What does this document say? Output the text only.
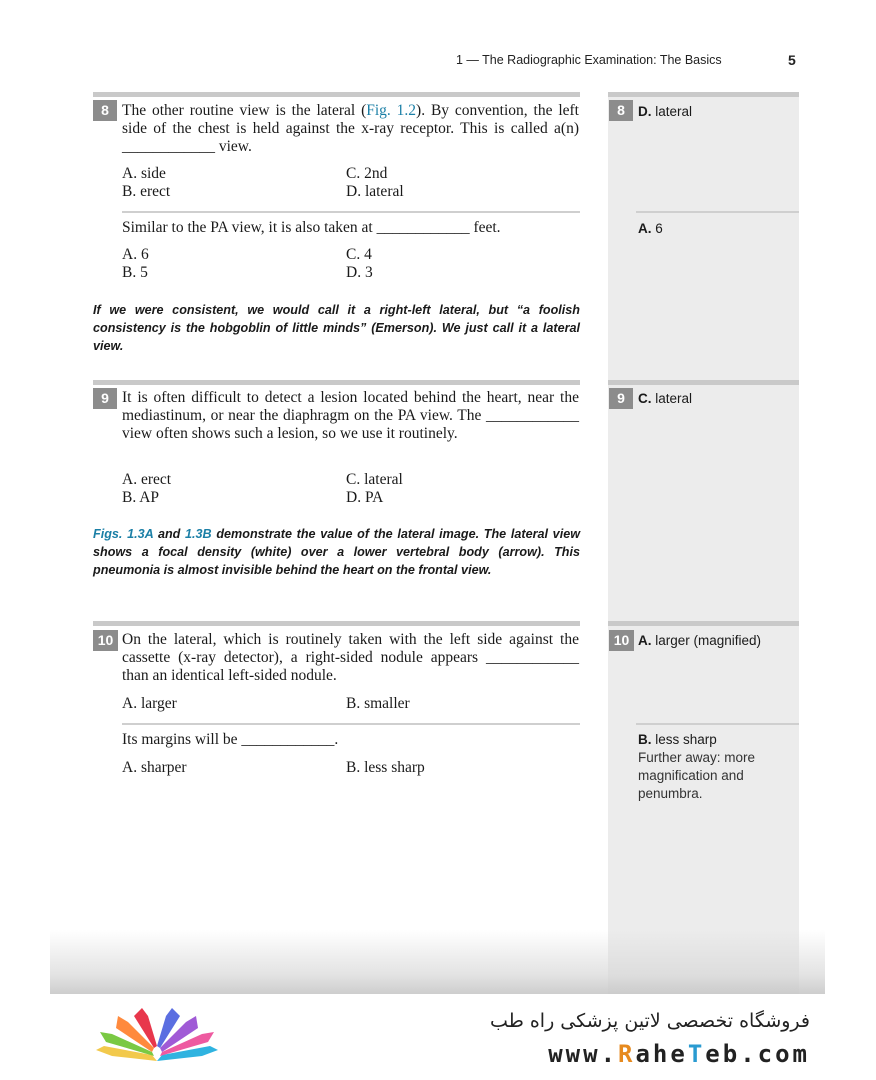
1 — The Radiographic Examination: The Basics	5
8 The other routine view is the lateral (Fig. 1.2). By convention, the left side of the chest is held against the x-ray receptor. This is called a(n) ____________ view.
A. side
B. erect
C. 2nd
D. lateral
8 D. lateral
Similar to the PA view, it is also taken at ____________ feet.
A. 6
B. 5
C. 4
D. 3
A. 6
If we were consistent, we would call it a right-left lateral, but “a foolish consistency is the hobgoblin of little minds” (Emerson). We just call it a lateral view.
9 It is often difficult to detect a lesion located behind the heart, near the mediastinum, or near the diaphragm on the PA view. The ____________ view often shows such a lesion, so we use it routinely.
A. erect
B. AP
C. lateral
D. PA
9 C. lateral
Figs. 1.3A and 1.3B demonstrate the value of the lateral image. The lateral view shows a focal density (white) over a lower vertebral body (arrow). This pneumonia is almost invisible behind the heart on the frontal view.
10 On the lateral, which is routinely taken with the left side against the cassette (x-ray detector), a right-sided nodule appears ____________ than an identical left-sided nodule.
A. larger	B. smaller
10 A. larger (magnified)
Its margins will be ____________.
A. sharper	B. less sharp
B. less sharp
Further away: more magnification and penumbra.
فروشگاه تخصصی لاتین پزشکی راه طب
www.RaheTeb.com
